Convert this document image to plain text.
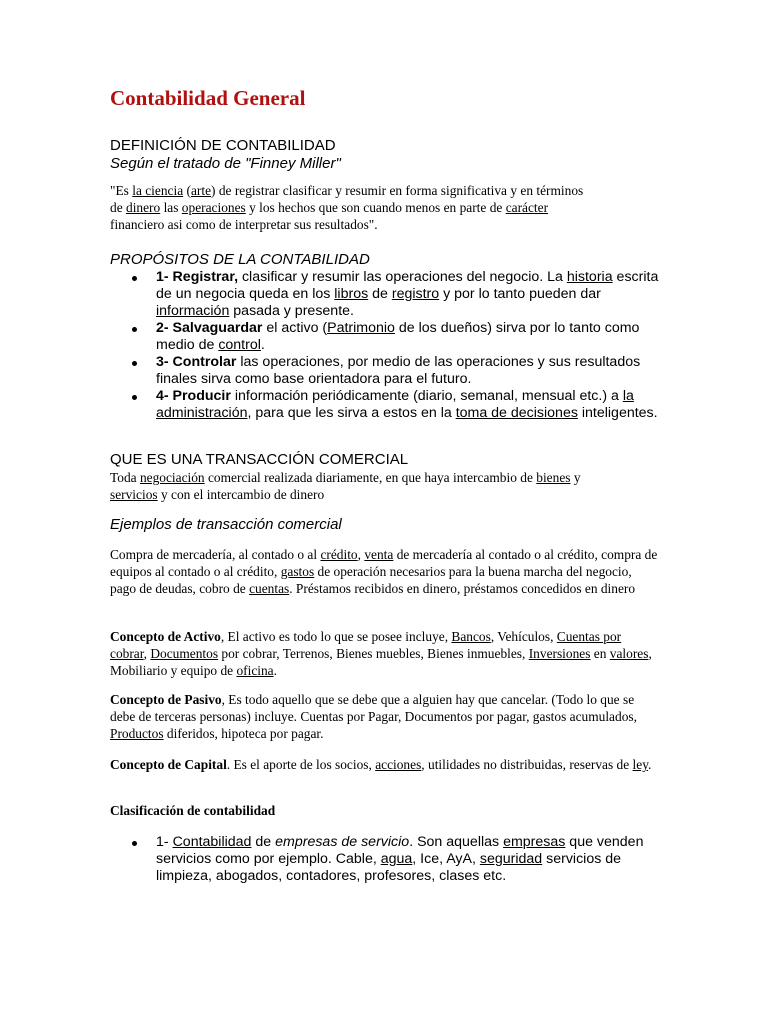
Contabilidad General
DEFINICIÓN DE CONTABILIDAD
Según el tratado de "Finney Miller"
"Es la ciencia (arte) de registrar clasificar y resumir en forma significativa y en términos de dinero las operaciones y los hechos que son cuando menos en parte de carácter financiero asi como de interpretar sus resultados".
PROPÓSITOS DE LA CONTABILIDAD
1- Registrar, clasificar y resumir las operaciones del negocio. La historia escrita de un negocia queda en los libros de registro y por lo tanto pueden dar información pasada y presente.
2- Salvaguardar el activo (Patrimonio de los dueños) sirva por lo tanto como medio de control.
3- Controlar las operaciones, por medio de las operaciones y sus resultados finales sirva como base orientadora para el futuro.
4- Producir información periódicamente (diario, semanal, mensual etc.) a la administración, para que les sirva a estos en la toma de decisiones inteligentes.
QUE ES UNA TRANSACCIÓN COMERCIAL
Toda negociación comercial realizada diariamente, en que haya intercambio de bienes y servicios y con el intercambio de dinero
Ejemplos de transacción comercial
Compra de mercadería, al contado o al crédito, venta de mercadería al contado o al crédito, compra de equipos al contado o al crédito, gastos de operación necesarios para la buena marcha del negocio, pago de deudas, cobro de cuentas. Préstamos recibidos en dinero, préstamos concedidos en dinero
Concepto de Activo, El activo es todo lo que se posee incluye, Bancos, Vehículos, Cuentas por cobrar, Documentos por cobrar, Terrenos, Bienes muebles, Bienes inmuebles, Inversiones en valores, Mobiliario y equipo de oficina.
Concepto de Pasivo, Es todo aquello que se debe que a alguien hay que cancelar. (Todo lo que se debe de terceras personas) incluye. Cuentas por Pagar, Documentos por pagar, gastos acumulados, Productos diferidos, hipoteca por pagar.
Concepto de Capital. Es el aporte de los socios, acciones, utilidades no distribuidas, reservas de ley.
Clasificación de contabilidad
1- Contabilidad de empresas de servicio. Son aquellas empresas que venden servicios como por ejemplo. Cable, agua, Ice, AyA, seguridad servicios de limpieza, abogados, contadores, profesores, clases etc.
